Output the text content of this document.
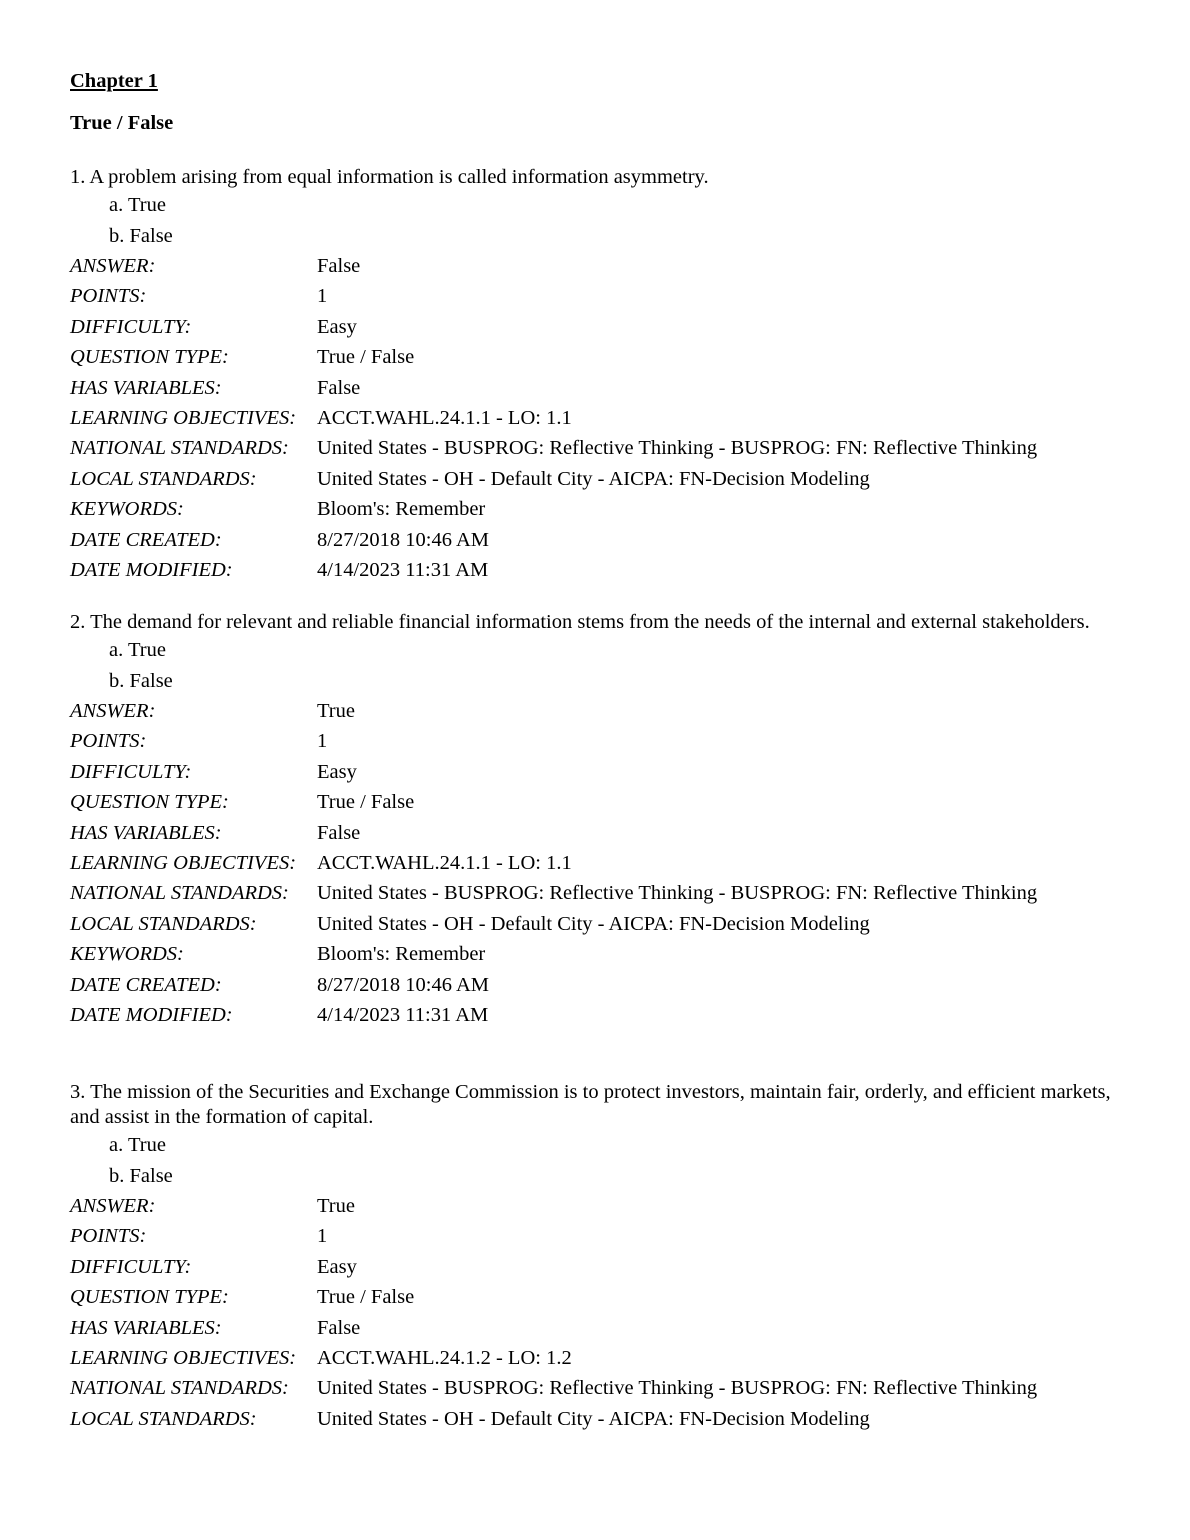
Chapter 1
True / False

1. A problem arising from equal information is called information asymmetry.

a. True
b. False
ANSWER:	False
POINTS:	1
DIFFICULTY:	Easy
QUESTION TYPE:	True / False
HAS VARIABLES:	False
LEARNING OBJECTIVES:	ACCT.WAHL.24.1.1 - LO: 1.1
NATIONAL STANDARDS:	United States - BUSPROG: Reflective Thinking - BUSPROG: FN: Reflective Thinking
LOCAL STANDARDS:	United States - OH - Default City - AICPA: FN-Decision Modeling
KEYWORDS:	Bloom's: Remember
DATE CREATED:	8/27/2018 10:46 AM
DATE MODIFIED:	4/14/2023 11:31 AM

2. The demand for relevant and reliable financial information stems from the needs of the internal and external stakeholders.

a. True
b. False
ANSWER:	True
POINTS:	1
DIFFICULTY:	Easy
QUESTION TYPE:	True / False
HAS VARIABLES:	False
LEARNING OBJECTIVES:	ACCT.WAHL.24.1.1 - LO: 1.1
NATIONAL STANDARDS:	United States - BUSPROG: Reflective Thinking - BUSPROG: FN: Reflective Thinking
LOCAL STANDARDS:	United States - OH - Default City - AICPA: FN-Decision Modeling
KEYWORDS:	Bloom's: Remember
DATE CREATED:	8/27/2018 10:46 AM
DATE MODIFIED:	4/14/2023 11:31 AM

3. The mission of the Securities and Exchange Commission is to protect investors, maintain fair, orderly, and efficient markets, and assist in the formation of capital.

a. True
b. False
ANSWER:	True
POINTS:	1
DIFFICULTY:	Easy
QUESTION TYPE:	True / False
HAS VARIABLES:	False
LEARNING OBJECTIVES:	ACCT.WAHL.24.1.2 - LO: 1.2
NATIONAL STANDARDS:	United States - BUSPROG: Reflective Thinking - BUSPROG: FN: Reflective Thinking
LOCAL STANDARDS:	United States - OH - Default City - AICPA: FN-Decision Modeling
